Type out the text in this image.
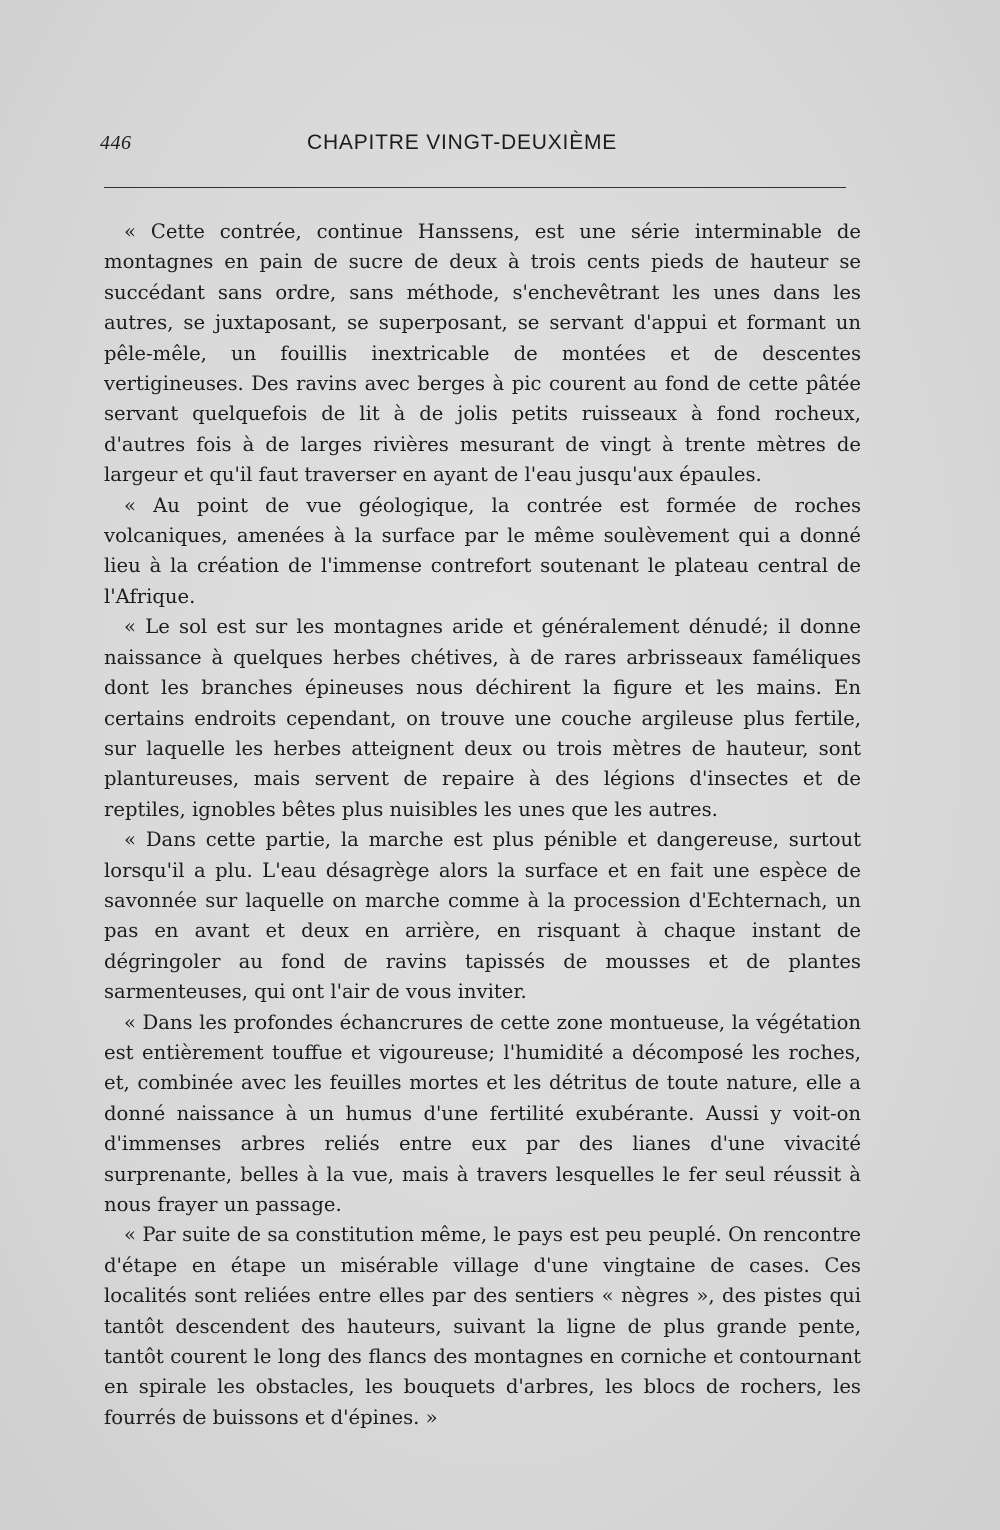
446	CHAPITRE VINGT-DEUXIÈME

« Cette contrée, continue Hanssens, est une série interminable de montagnes en pain de sucre de deux à trois cents pieds de hauteur se succédant sans ordre, sans méthode, s'enchevêtrant les unes dans les autres, se juxtaposant, se superposant, se servant d'appui et formant un pêle-mêle, un fouillis inextricable de montées et de descentes vertigineuses. Des ravins avec berges à pic courent au fond de cette pâtée servant quelquefois de lit à de jolis petits ruisseaux à fond rocheux, d'autres fois à de larges rivières mesurant de vingt à trente mètres de largeur et qu'il faut traverser en ayant de l'eau jusqu'aux épaules.

« Au point de vue géologique, la contrée est formée de roches volcaniques, amenées à la surface par le même soulèvement qui a donné lieu à la création de l'immense contrefort soutenant le plateau central de l'Afrique.

« Le sol est sur les montagnes aride et généralement dénudé; il donne naissance à quelques herbes chétives, à de rares arbrisseaux faméliques dont les branches épineuses nous déchirent la figure et les mains. En certains endroits cependant, on trouve une couche argileuse plus fertile, sur laquelle les herbes atteignent deux ou trois mètres de hauteur, sont plantureuses, mais servent de repaire à des légions d'insectes et de reptiles, ignobles bêtes plus nuisibles les unes que les autres.

« Dans cette partie, la marche est plus pénible et dangereuse, surtout lorsqu'il a plu. L'eau désagrège alors la surface et en fait une espèce de savonnée sur laquelle on marche comme à la procession d'Echternach, un pas en avant et deux en arrière, en risquant à chaque instant de dégringoler au fond de ravins tapissés de mousses et de plantes sarmenteuses, qui ont l'air de vous inviter.

« Dans les profondes échancrures de cette zone montueuse, la végétation est entièrement touffue et vigoureuse; l'humidité a décomposé les roches, et, combinée avec les feuilles mortes et les détritus de toute nature, elle a donné naissance à un humus d'une fertilité exubérante. Aussi y voit-on d'immenses arbres reliés entre eux par des lianes d'une vivacité surprenante, belles à la vue, mais à travers lesquelles le fer seul réussit à nous frayer un passage.

« Par suite de sa constitution même, le pays est peu peuplé. On rencontre d'étape en étape un misérable village d'une vingtaine de cases. Ces localités sont reliées entre elles par des sentiers « nègres », des pistes qui tantôt descendent des hauteurs, suivant la ligne de plus grande pente, tantôt courent le long des flancs des montagnes en corniche et contournant en spirale les obstacles, les bouquets d'arbres, les blocs de rochers, les fourrés de buissons et d'épines. »
